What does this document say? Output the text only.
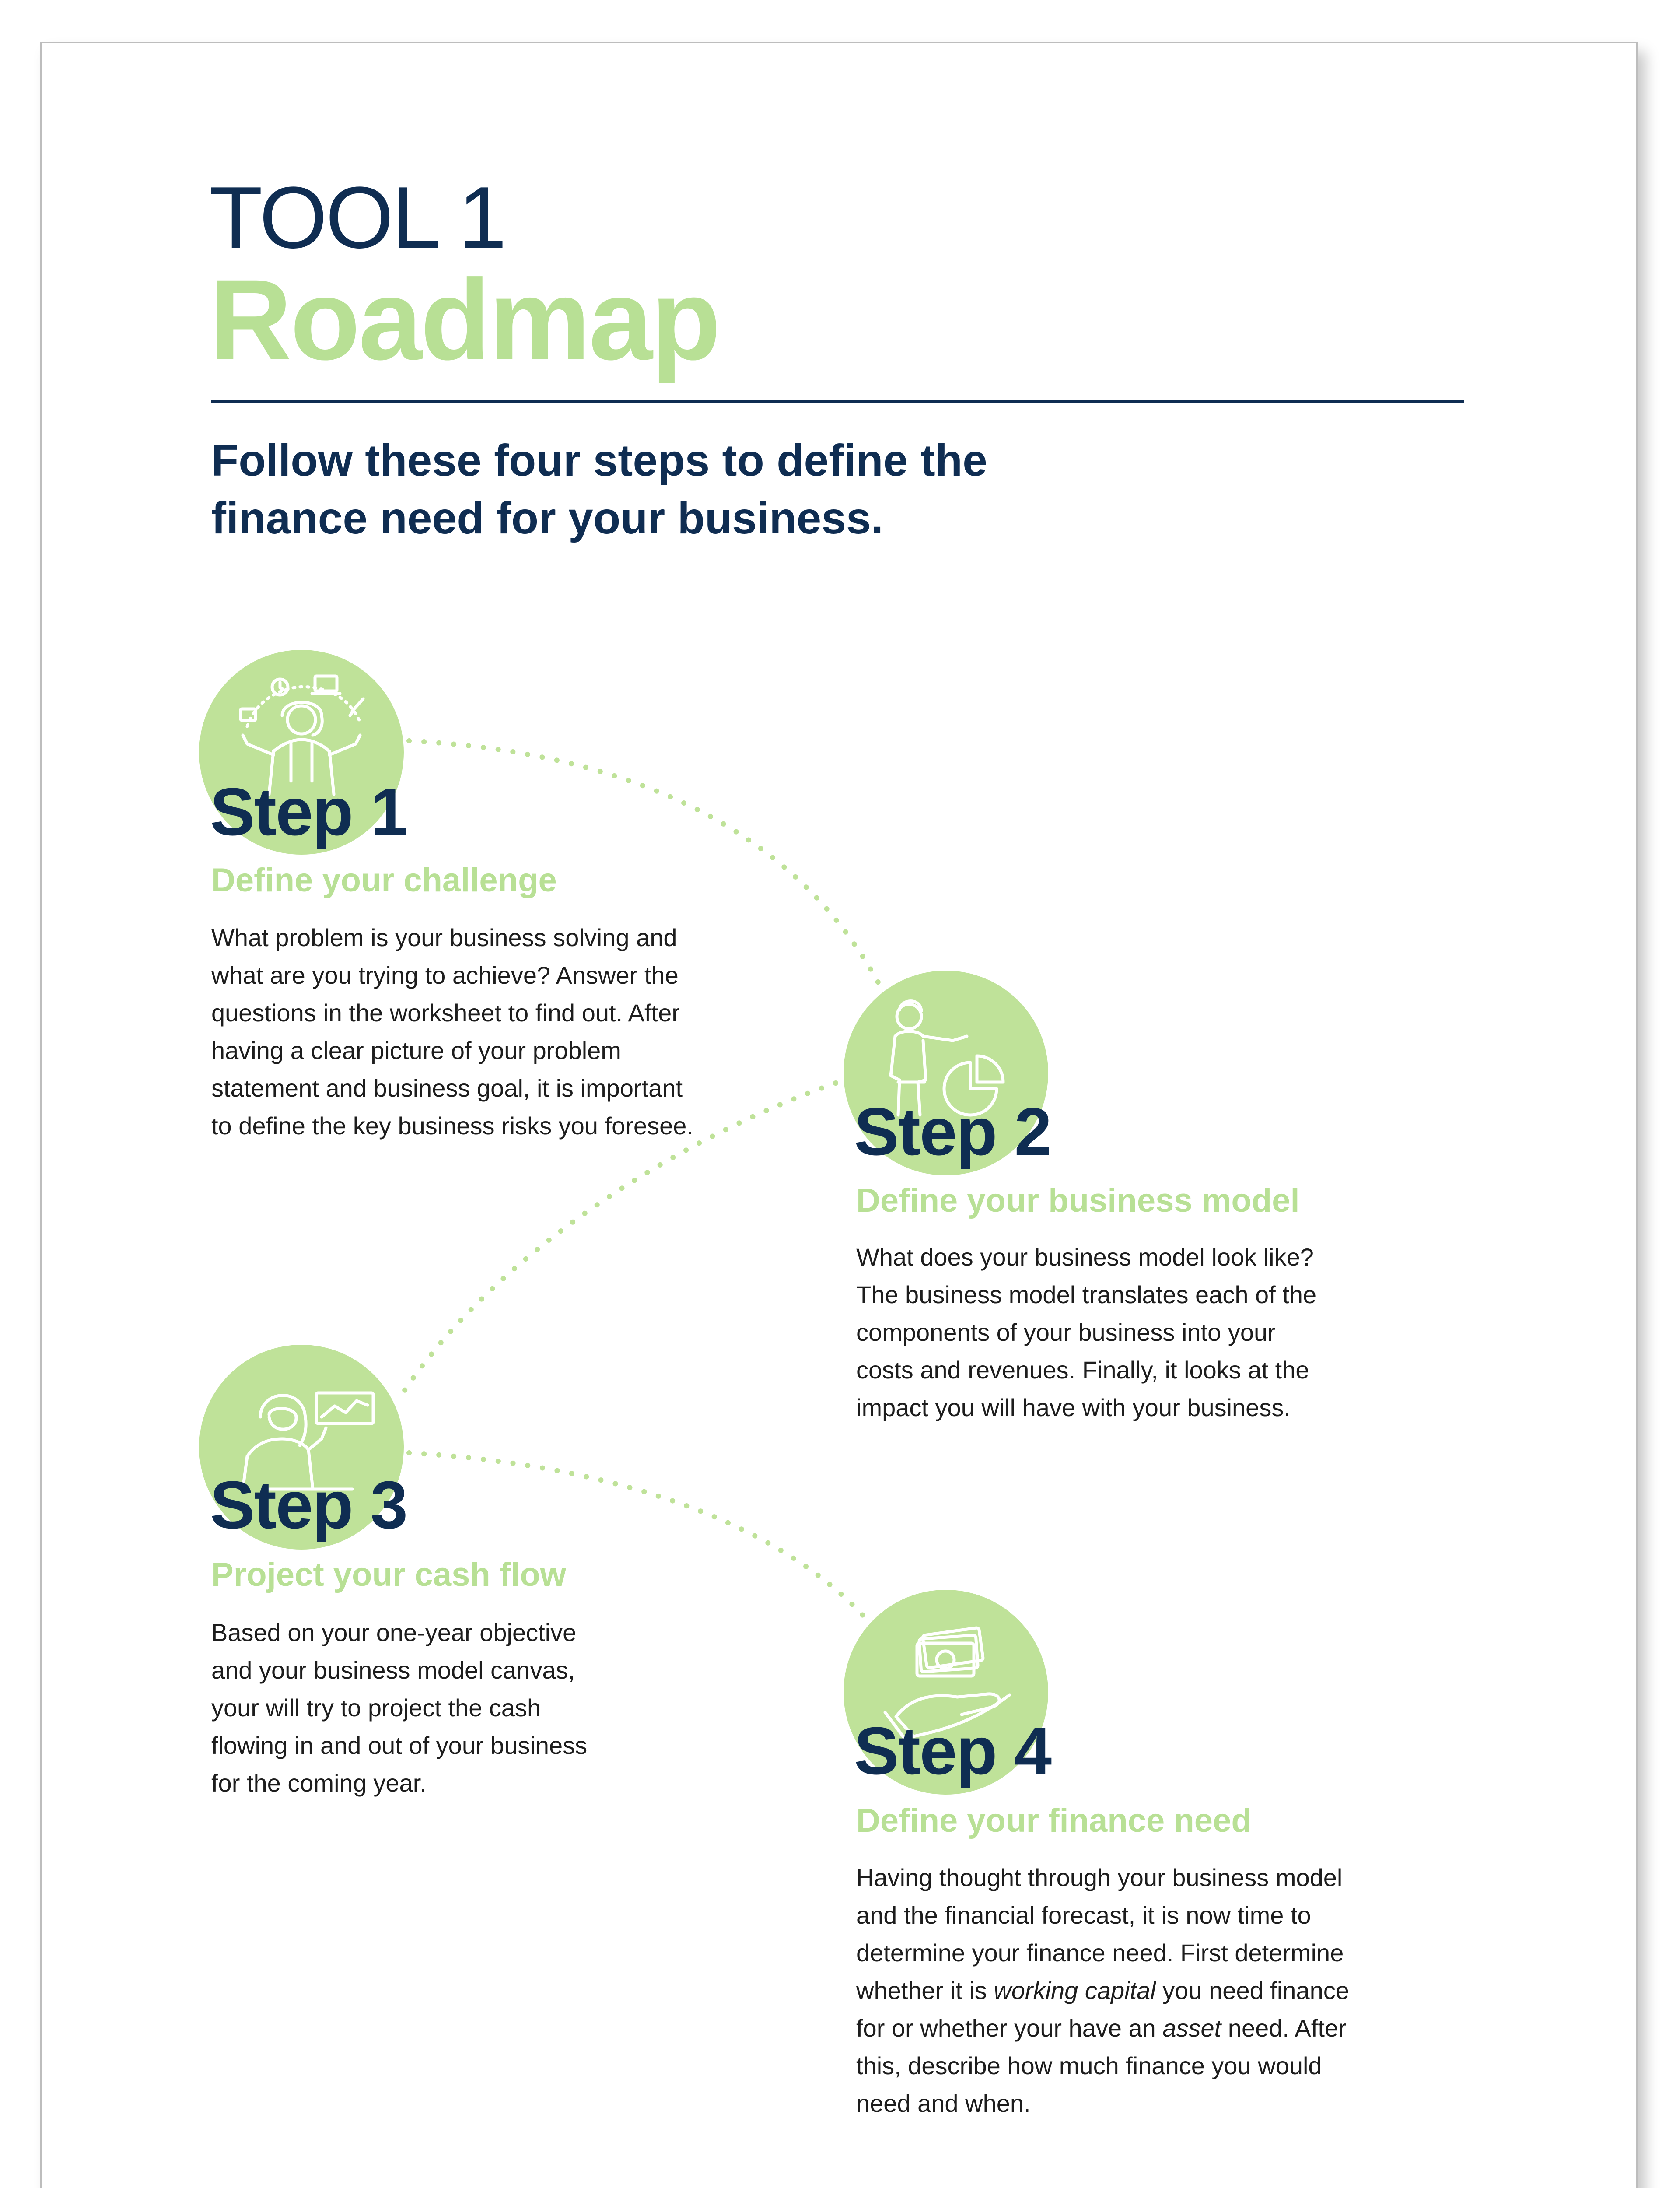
TOOL 1
Roadmap
Follow these four steps to define the
finance need for your business.
Step 1
Define your challenge
What problem is your business solving and
what are you trying to achieve? Answer the
questions in the worksheet to find out. After
having a clear picture of your problem
statement and business goal, it is important
to define the key business risks you foresee. Step 2
Define your business model
What does your business model look like?
The business model translates each of the
components of your business into your
costs and revenues. Finally, it looks at the
impact you will have with your business.
Step 3
Project your cash flow
Based on your one-year objective
and your business model canvas,
your will try to project the cash
flowing in and out of your business
for the coming year.	Step 4
Define your finance need
Having thought through your business model
and the financial forecast, it is now time to
determine your finance need. First determine
whether it is working capital you need finance
for or whether your have an asset need. After
this, describe how much finance you would
need and when.
